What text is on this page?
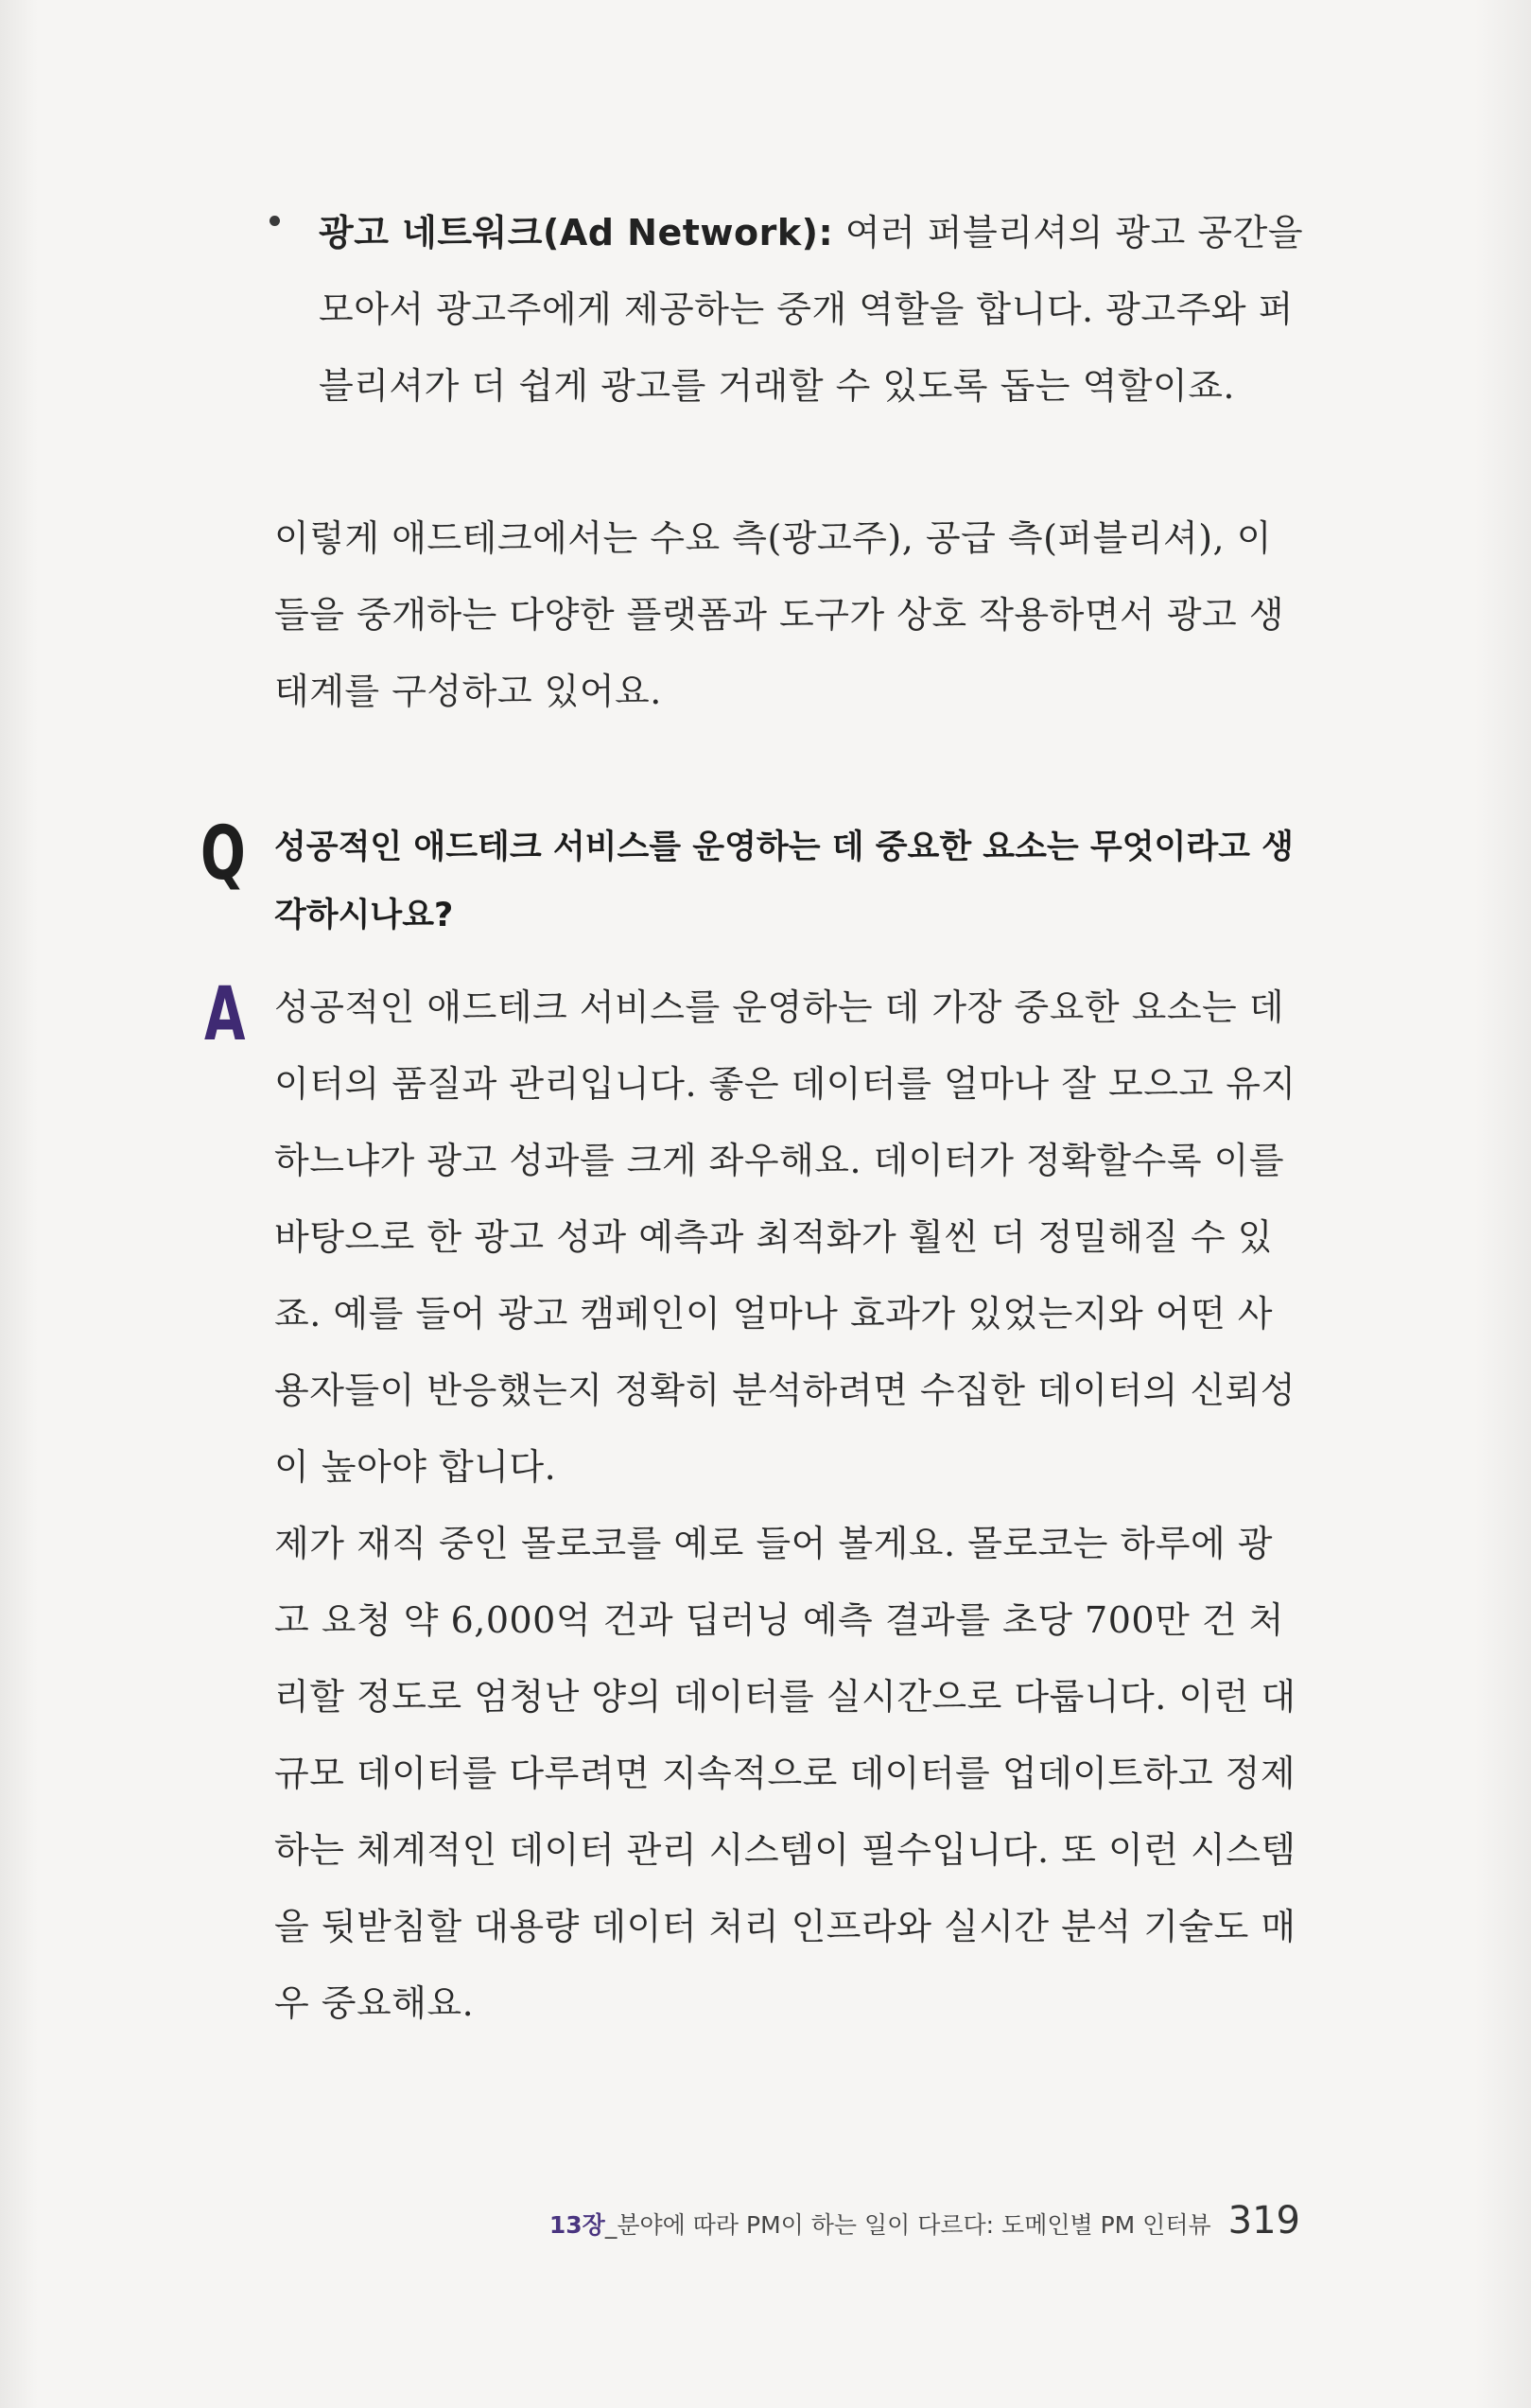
광고 네트워크(Ad Network): 여러 퍼블리셔의 광고 공간을 모아서 광고주에게 제공하는 중개 역할을 합니다. 광고주와 퍼블리셔가 더 쉽게 광고를 거래할 수 있도록 돕는 역할이죠.

이렇게 애드테크에서는 수요 측(광고주), 공급 측(퍼블리셔), 이들을 중개하는 다양한 플랫폼과 도구가 상호 작용하면서 광고 생태계를 구성하고 있어요.

Q 성공적인 애드테크 서비스를 운영하는 데 중요한 요소는 무엇이라고 생각하시나요?

A 성공적인 애드테크 서비스를 운영하는 데 가장 중요한 요소는 데이터의 품질과 관리입니다. 좋은 데이터를 얼마나 잘 모으고 유지하느냐가 광고 성과를 크게 좌우해요. 데이터가 정확할수록 이를 바탕으로 한 광고 성과 예측과 최적화가 훨씬 더 정밀해질 수 있죠. 예를 들어 광고 캠페인이 얼마나 효과가 있었는지와 어떤 사용자들이 반응했는지 정확히 분석하려면 수집한 데이터의 신뢰성이 높아야 합니다.

제가 재직 중인 몰로코를 예로 들어 볼게요. 몰로코는 하루에 광고 요청 약 6,000억 건과 딥러닝 예측 결과를 초당 700만 건 처리할 정도로 엄청난 양의 데이터를 실시간으로 다룹니다. 이런 대규모 데이터를 다루려면 지속적으로 데이터를 업데이트하고 정제하는 체계적인 데이터 관리 시스템이 필수입니다. 또 이런 시스템을 뒷받침할 대용량 데이터 처리 인프라와 실시간 분석 기술도 매우 중요해요.

13장 _분야에 따라 PM이 하는 일이 다르다: 도메인별 PM 인터뷰 319
